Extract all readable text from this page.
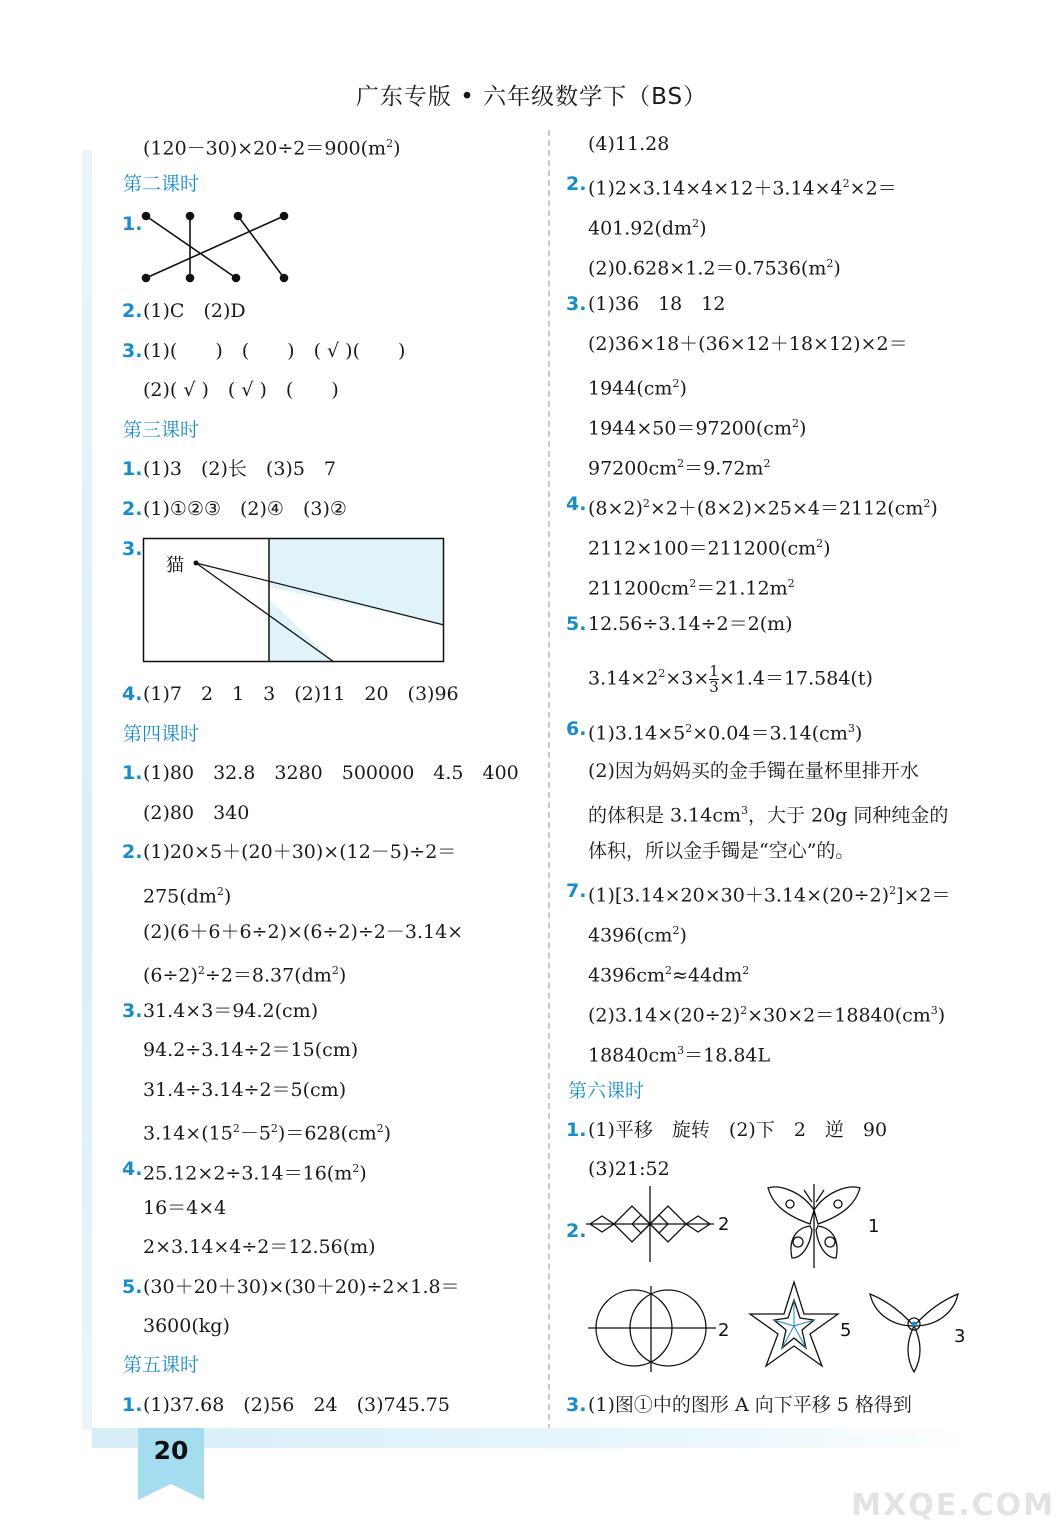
广东专版 • 六年级数学下（BS）
20
MXQE.COM
$(120-30)\times 20\div 2=900(m^2)$
第二课时
1.
2. (1)C　(2)D
3. (1)(　　)　(　　)　( √ )(　　)
(2)( √ )　( √ )　(　　)
第三课时
1. (1)3　(2)长　(3)5　7
2. (1)①②③　(2)④　(3)②
3.
猫
4. (1)7　2　1　3　(2)11　20　(3)96
第四课时
1. (1)80　32.8　3280　500000　4.5　400
(2)80　340
2. (1)20×5＋(20＋30)×(12－5)÷2＝
$275(dm^2)$
(2)(6＋6＋6÷2)×(6÷2)÷2－3.14×
$(6\div 2)^2\div 2=8.37(dm^2)$
3. 31.4×3＝94.2(cm)
94.2÷3.14÷2＝15(cm)
31.4÷3.14÷2＝5(cm)
$3.14\times(15^2-5^2)=628(cm^2)$
4. $25.12\times 2\div 3.14=16(m^2)$
16＝4×4
2×3.14×4÷2＝12.56(m)
5. (30＋20＋30)×(30＋20)÷2×1.8＝
3600(kg)
第五课时
1. (1)37.68　(2)56　24　(3)745.75
(4)11.28
2. $(1)2\times 3.14\times 4\times 12+3.14\times 4^2\times 2=$
$401.92(dm^2)$
$(2)0.628\times 1.2=0.7536(m^2)$
3. (1)36　18　12
(2)36×18＋(36×12＋18×12)×2＝
$1944(cm^2)$
$1944\times 50=97200(cm^2)$
$97200cm^2=9.72m^2$
4. $(8\times 2)^2\times 2+(8\times 2)\times 25\times 4=2112(cm^2)$
$2112\times 100=211200(cm^2)$
$211200cm^2=21.12m^2$
5. 12.56÷3.14÷2＝2(m)
$3.14\times 2^2\times 3\times \frac{1}{3} \times 1.4=17.584(t)$
6. $(1)3.14\times 5^2\times 0.04=3.14(cm^3)$
(2)因为妈妈买的金手镯在量杯里排开水
的体积是 $3.14cm^3$，大于 20g 同种纯金的
体积，所以金手镯是“空心”的。
7. $(1)[3.14\times 20\times 30+3.14\times(20\div 2)^2]\times 2=$
$4396(cm^2)$
$4396cm^2\approx 44dm^2$
$(2)3.14\times(20\div 2)^2\times 30\times 2=18840(cm^3)$
$18840cm^3=18.84L$
第六课时
1. (1)平移　旋转　(2)下　2　逆　90
(3)21:52
2.	2	1
2	5	3
3. (1)图①中的图形 A 向下平移 5 格得到
